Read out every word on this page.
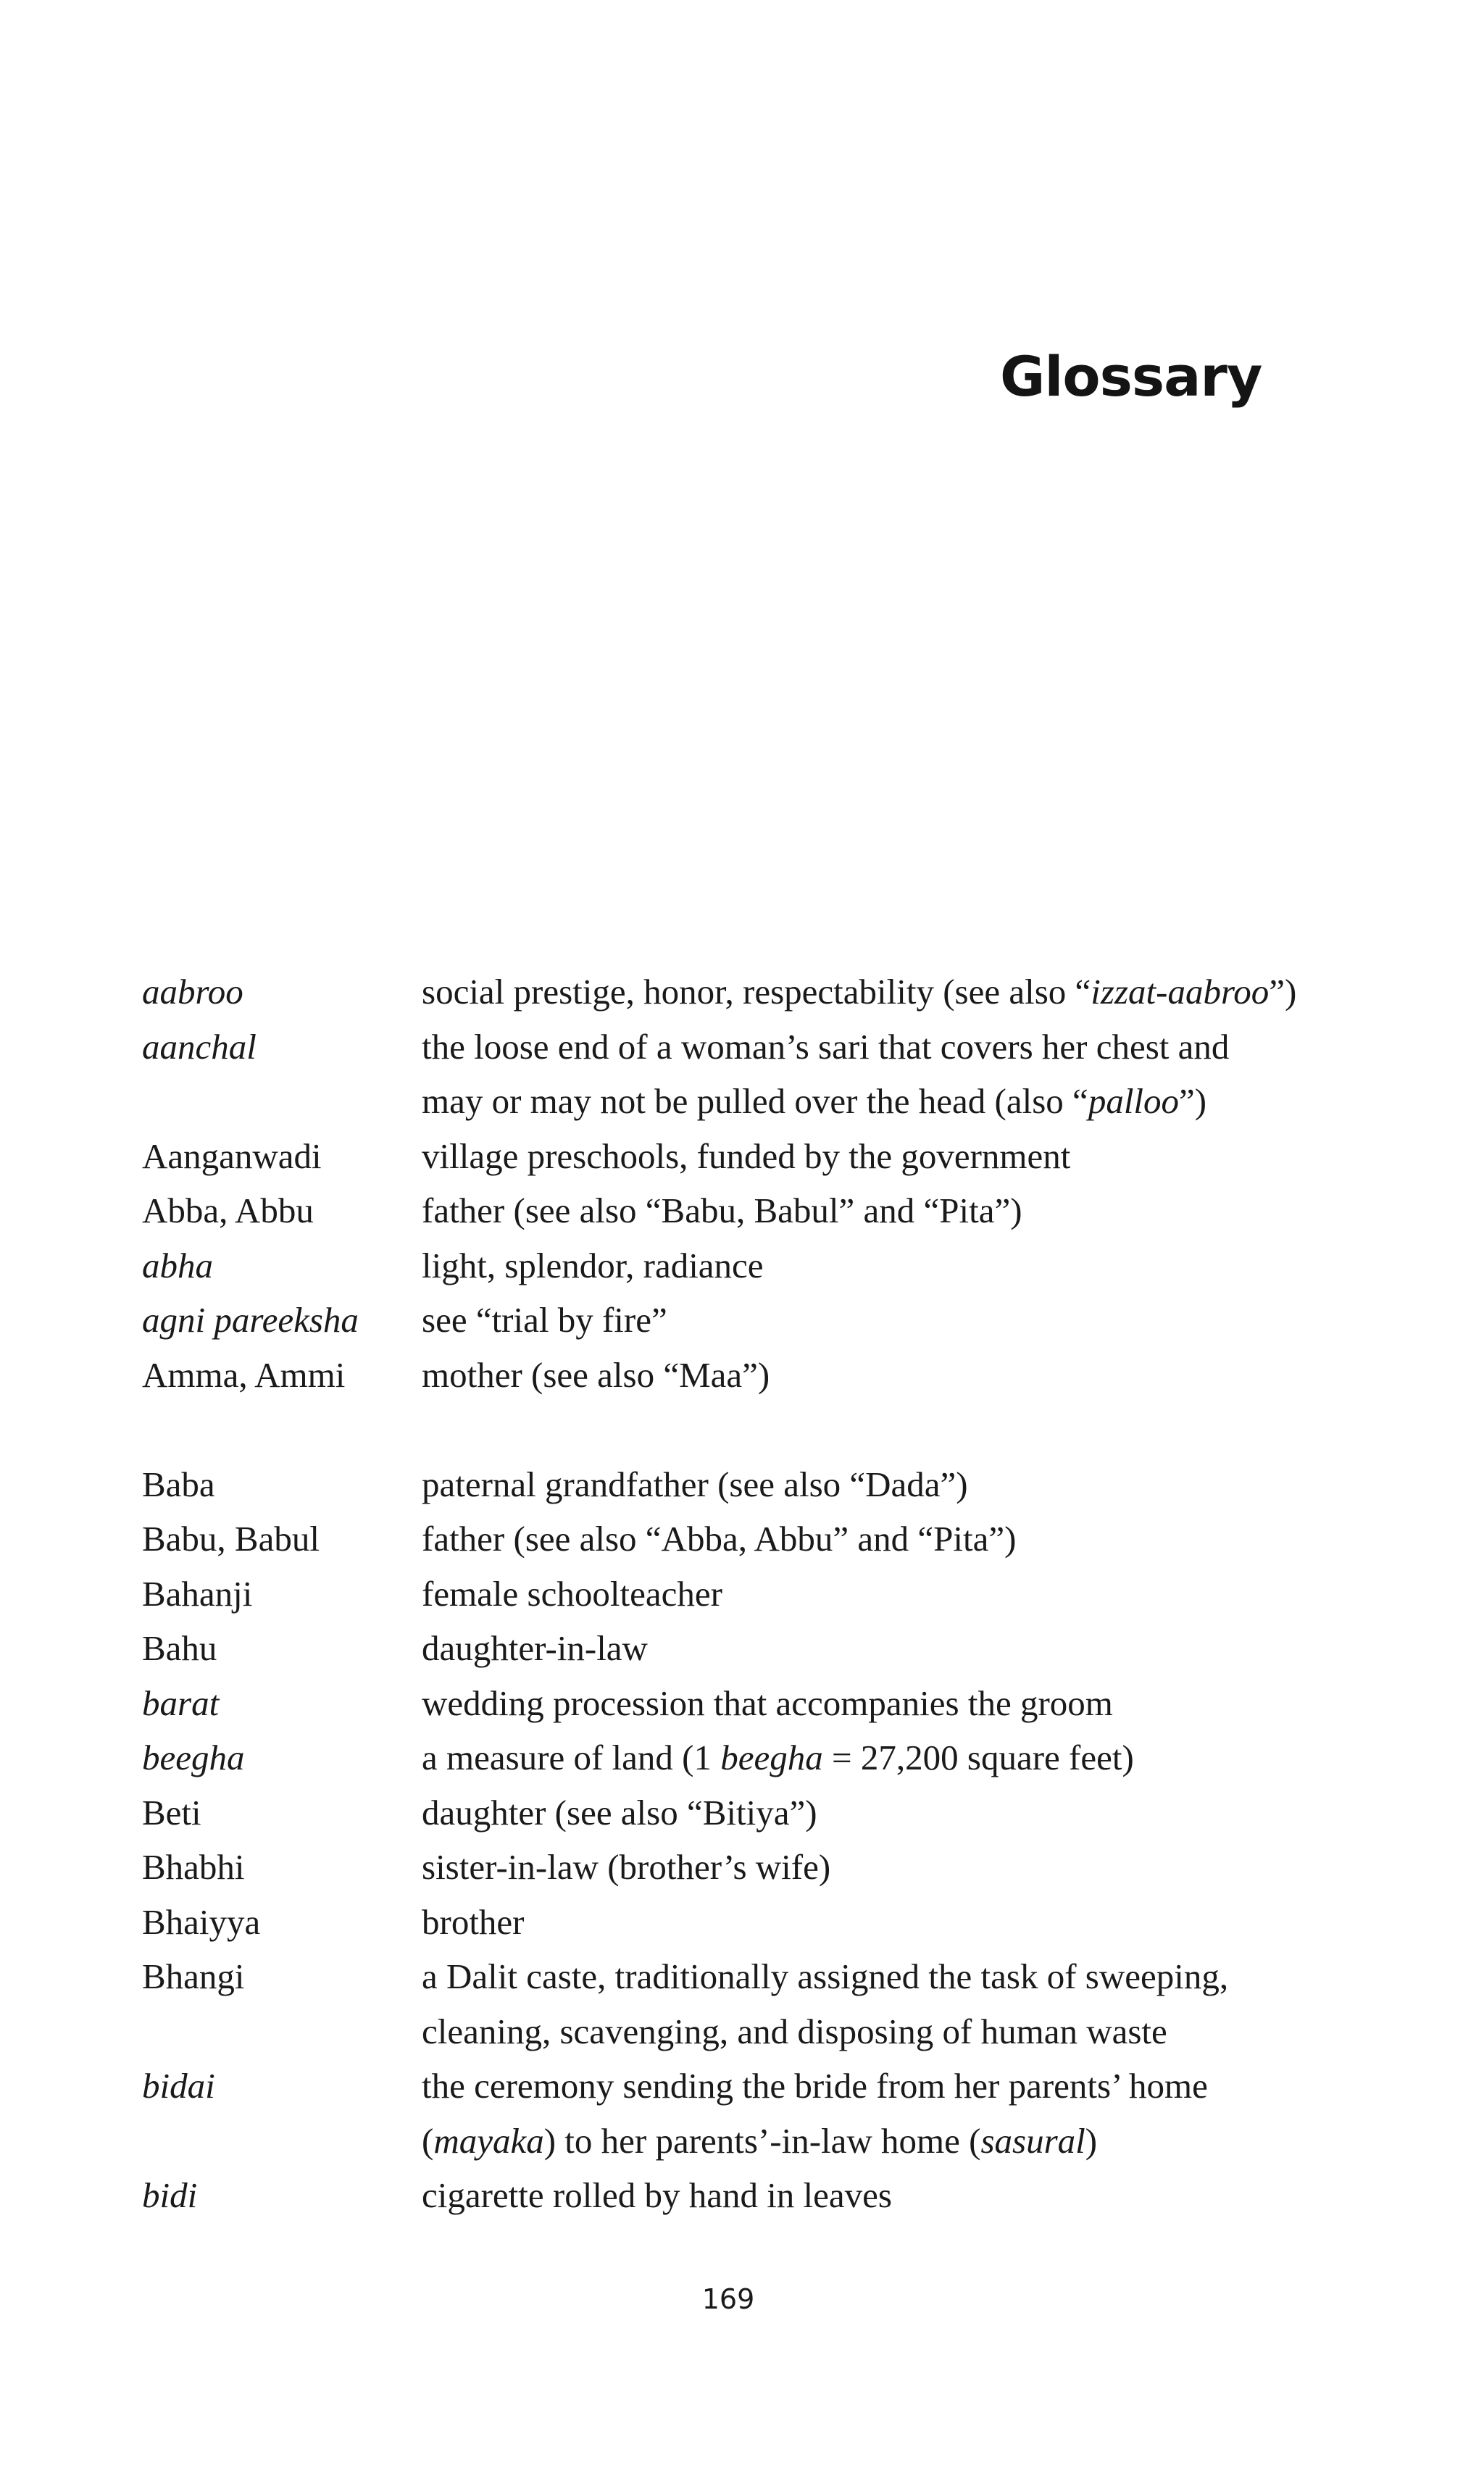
Glossary
aabroo	social prestige, honor, respectability (see also “izzat-aabroo”)
aanchal	the loose end of a woman’s sari that covers her chest and
may or may not be pulled over the head (also “palloo”)
Aanganwadi	village preschools, funded by the government
Abba, Abbu	father (see also “Babu, Babul” and “Pita”)
abha	light, splendor, radiance
agni pareeksha	see “trial by fire”
Amma, Ammi	mother (see also “Maa”)
Baba	paternal grandfather (see also “Dada”)
Babu, Babul	father (see also “Abba, Abbu” and “Pita”)
Bahanji	female schoolteacher
Bahu	daughter-in-law
barat	wedding procession that accompanies the groom
beegha	a measure of land (1 beegha = 27,200 square feet)
Beti	daughter (see also “Bitiya”)
Bhabhi	sister-in-law (brother’s wife)
Bhaiyya	brother
Bhangi	a Dalit caste, traditionally assigned the task of sweeping,
cleaning, scavenging, and disposing of human waste
bidai	the ceremony sending the bride from her parents’ home
(mayaka) to her parents’-in-law home (sasural)
bidi	cigarette rolled by hand in leaves
169
